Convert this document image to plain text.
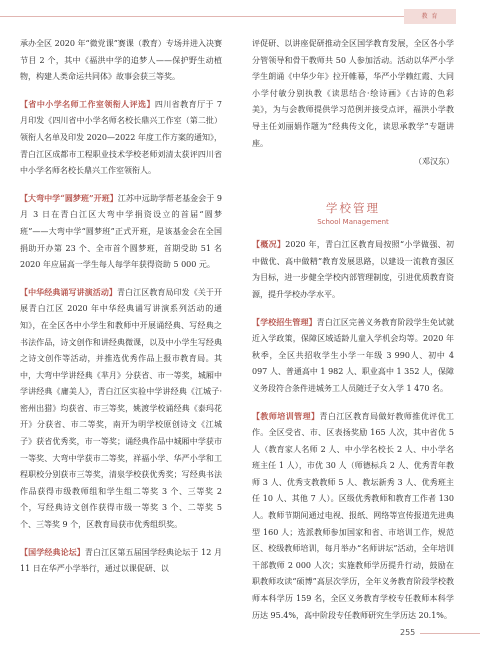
教 育

承办全区 2020 年“微党课”赛课（教育）专场并进入决赛节目 2 个，其中《福洪中学的追梦人——保护野生动植物，构建人类命运共同体》故事会获三等奖。

【省中小学名师工作室领衔人评选】四川省教育厅于 7 月印发《四川省中小学名师名校长鼎兴工作室（第二批）领衔人名单及印发 2020—2022 年度工作方案的通知》，青白江区成都市工程职业技术学校老师刘清太获评四川省中小学名师名校长鼎兴工作室领衔人。

【大弯中学“圆梦班”开班】江苏中远助学帮老基金会于 9 月 3 日在青白江区大弯中学捐资设立的首届“圆梦班”——大弯中学“圆梦班”正式开班，是该基金会在全国捐助开办第 23 个、全市首个圆梦班，首期受助 51 名 2020 年应届高一学生每人每学年获得资助 5 000 元。

【中华经典诵写讲演活动】青白江区教育局印发《关于开展青白江区 2020 年中华经典诵写讲演系列活动的通知》，在全区各中小学生和教师中开展诵经典、写经典之书法作品，诗文创作和讲经典微课，以及中小学生写经典之诗文创作等活动，并推选优秀作品上报市教育局。其中，大弯中学讲经典《芈月》分获省、市一等奖，城厢中学讲经典《庸美人》，青白江区实验中学讲经典《江城子·密州出猎》均获省、市三等奖，姚渡学校诵经典《泰玛花开》分获省、市二等奖，南开为明学校原创诗文《江城子》获省优秀奖，市一等奖；诵经典作品中城厢中学获市一等奖、大弯中学获市二等奖，祥福小学、华严小学和工程职校分别获市三等奖，清泉学校获优秀奖；写经典书法作品获得市级教师组和学生组二等奖 3 个、三等奖 2 个，写经典诗文创作获得市级一等奖 3 个、二等奖 5 个、三等奖 9 个，区教育局获市优秀组织奖。

【国学经典论坛】青白江区第五届国学经典论坛于 12 月 11 日在华严小学举行，通过以课促研、以

评促研、以讲座促研推动全区国学教育发展，全区各小学分管领导和骨干教师共 50 人参加活动。活动以华严小学学生朗诵《中华少年》拉开帷幕，华严小学赖红霞、大同小学付敏分别执教《读思结合·绘诗画》《古诗的色彩美》，为与会教师提供学习范例并接受点评，福洪小学教导主任刘丽娟作题为“经典传文化，读思承教学”专题讲座。

（邓汉东）

学校管理
School Management

【概况】2020 年，青白江区教育局按照“小学做强、初中做优、高中做精”教育发展思路，以建设一流教育强区为目标，进一步健全学校内部管理制度，引进优质教育资源，提升学校办学水平。

【学校招生管理】青白江区完善义务教育阶段学生免试就近入学政策，保障区域适龄儿童入学机会均等。2020 年秋季，全区共招收学生小学一年级 3 990人、初中 4 097 人、普通高中 1 982 人、职业高中 1 352 人，保障义务段符合条件进城务工人员随迁子女入学 1 470 名。

【教师培训管理】青白江区教育局做好教师推优评优工作。全区受省、市、区表扬奖励 165 人次，其中省优 5 人（教育家人名师 2 人、中小学名校长 2 人、中小学名班主任 1 人），市优 30 人（师德标兵 2 人、优秀青年教师 3 人、优秀支教教师 5 人、教坛新秀 3 人、优秀班主任 10 人、其他 7 人）。区级优秀教师和教育工作者 130 人。教师节期间通过电视、报纸、网络等宣传报道先进典型 160 人；选派教师参加国家和省、市培训工作，规范区、校级教师培训，每月举办“名师讲坛”活动，全年培训干部教师 2 000 人次；实施教师学历提升行动，鼓励在职教师攻读“硕博”高层次学历，全年义务教育阶段学校教师本科学历 159 名，全区义务教育学校专任教师本科学历达 95.4%，高中阶段专任教师研究生学历达 20.1%。

255
